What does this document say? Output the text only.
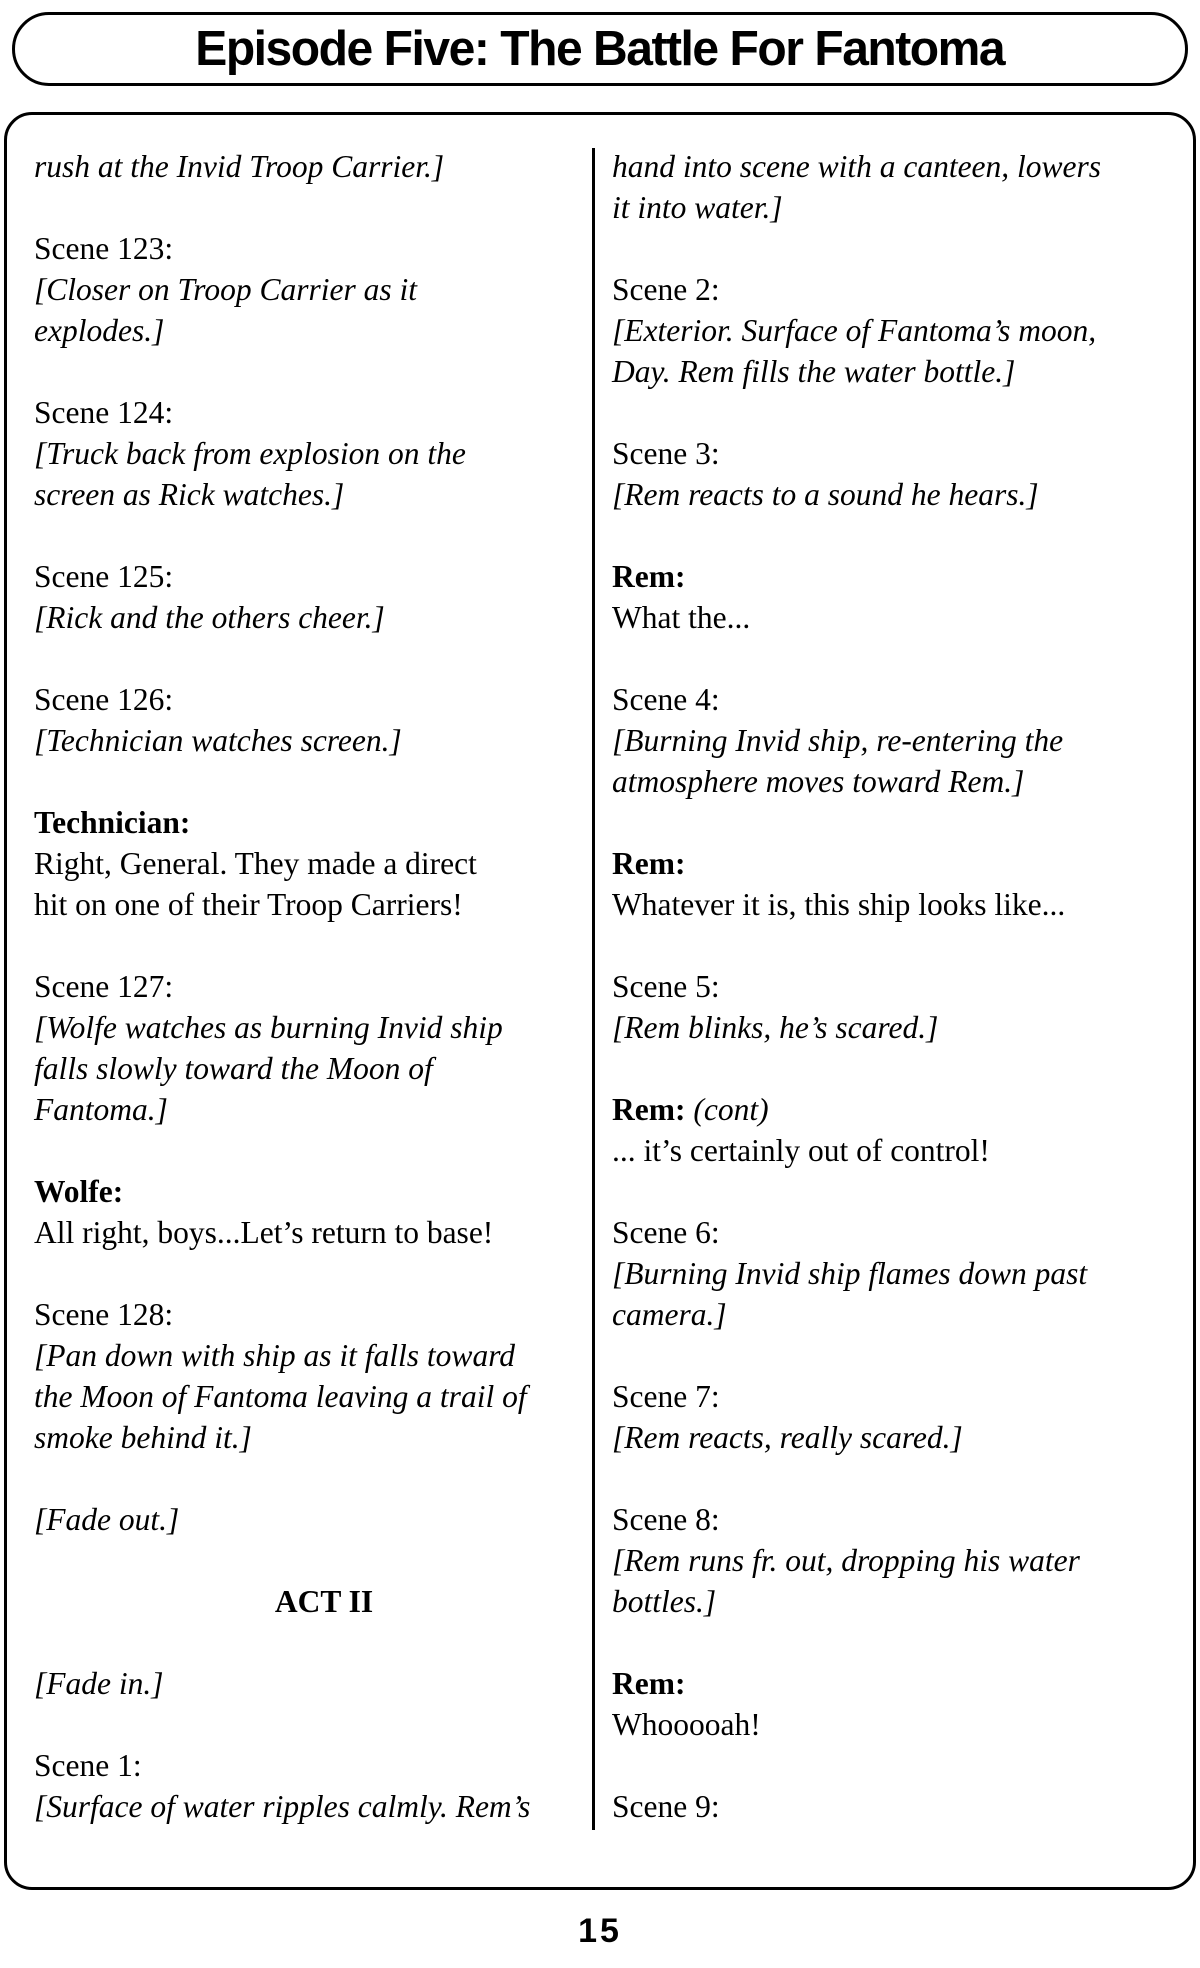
Episode Five: The Battle For Fantoma
rush at the Invid Troop Carrier.]
Scene 123:
[Closer on Troop Carrier as it
explodes.]
Scene 124:
[Truck back from explosion on the
screen as Rick watches.]
Scene 125:
[Rick and the others cheer.]
Scene 126:
[Technician watches screen.]
Technician:
Right, General. They made a direct
hit on one of their Troop Carriers!
Scene 127:
[Wolfe watches as burning Invid ship
falls slowly toward the Moon of
Fantoma.]
Wolfe:
All right, boys...Let’s return to base!
Scene 128:
[Pan down with ship as it falls toward
the Moon of Fantoma leaving a trail of
smoke behind it.]
[Fade out.]
ACT II
[Fade in.]
Scene 1:
[Surface of water ripples calmly. Rem’s
hand into scene with a canteen, lowers
it into water.]
Scene 2:
[Exterior. Surface of Fantoma’s moon,
Day. Rem fills the water bottle.]
Scene 3:
[Rem reacts to a sound he hears.]
Rem:
What the...
Scene 4:
[Burning Invid ship, re-entering the
atmosphere moves toward Rem.]
Rem:
Whatever it is, this ship looks like...
Scene 5:
[Rem blinks, he’s scared.]
Rem: (cont)
... it’s certainly out of control!
Scene 6:
[Burning Invid ship flames down past
camera.]
Scene 7:
[Rem reacts, really scared.]
Scene 8:
[Rem runs fr. out, dropping his water
bottles.]
Rem:
Whooooah!
Scene 9:
15
